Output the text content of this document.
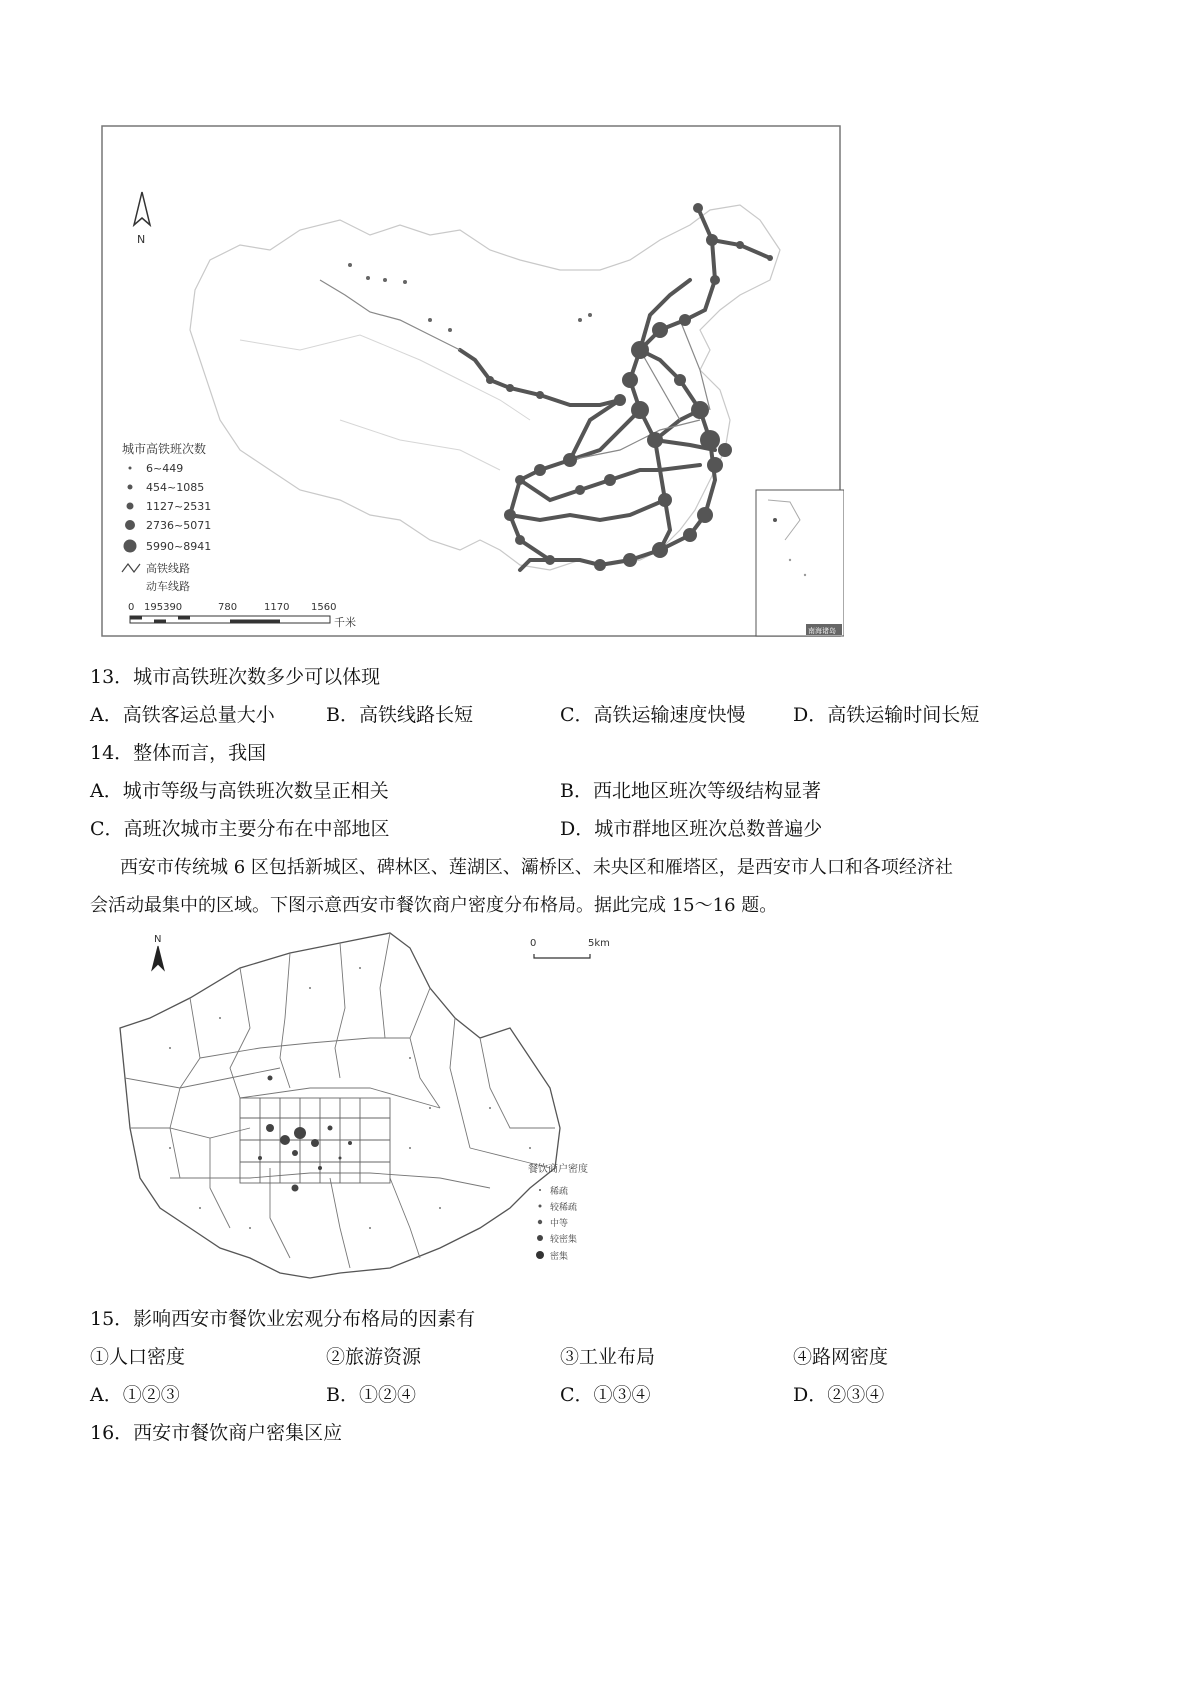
N
城市高铁班次数
6~449
454~1085
1127~2531
2736~5071
5990~8941
高铁线路
动车线路
0 195390	780	1170 1560
千米
南海诸岛
13．城市高铁班次数多少可以体现
A．高铁客运总量大小	B．高铁线路长短	C．高铁运输速度快慢 D．高铁运输时间长短
14．整体而言，我国
A．城市等级与高铁班次数呈正相关	B．西北地区班次等级结构显著
C．高班次城市主要分布在中部地区	D．城市群地区班次总数普遍少
西安市传统城 6 区包括新城区、碑林区、莲湖区、灞桥区、未央区和雁塔区，是西安市人口和各项经济社
会活动最集中的区域。下图示意西安市餐饮商户密度分布格局。据此完成 15～16 题。
N	0	5km
餐饮商户密度
稀疏
较稀疏
中等
较密集
密集
15．影响西安市餐饮业宏观分布格局的因素有
①人口密度	②旅游资源	③工业布局	④路网密度
A．①②③	B．①②④	C．①③④	D．②③④
16．西安市餐饮商户密集区应
